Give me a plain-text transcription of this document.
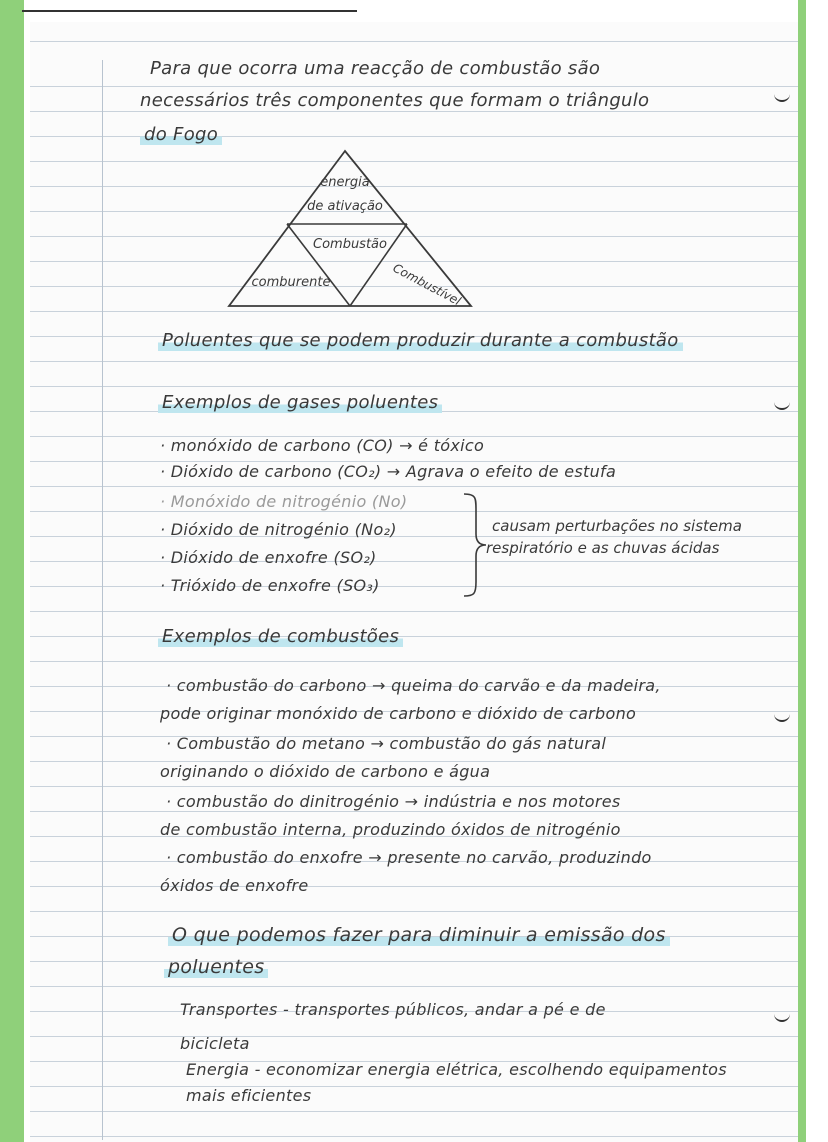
Para que ocorra uma reacção de combustão são
necessários três componentes que formam o triângulo
do Fogo
energia
de ativação
Combustão
comburente	Combustível
Poluentes que se podem produzir durante a combustão
Exemplos de gases poluentes
· monóxido de carbono (CO) → é tóxico
· Dióxido de carbono (CO₂) → Agrava o efeito de estufa
· Monóxido de nitrogénio (No)
· Dióxido de nitrogénio (No₂)
· Dióxido de enxofre (SO₂)
· Trióxido de enxofre (SO₃)
causam perturbações no sistema
respiratório e as chuvas ácidas
Exemplos de combustões
· combustão do carbono → queima do carvão e da madeira,
pode originar monóxido de carbono e dióxido de carbono
· Combustão do metano → combustão do gás natural
originando o dióxido de carbono e água
· combustão do dinitrogénio → indústria e nos motores
de combustão interna, produzindo óxidos de nitrogénio
· combustão do enxofre → presente no carvão, produzindo
óxidos de enxofre
O que podemos fazer para diminuir a emissão dos
poluentes
Transportes - transportes públicos, andar a pé e de
bicicleta
Energia - economizar energia elétrica, escolhendo equipamentos
mais eficientes
